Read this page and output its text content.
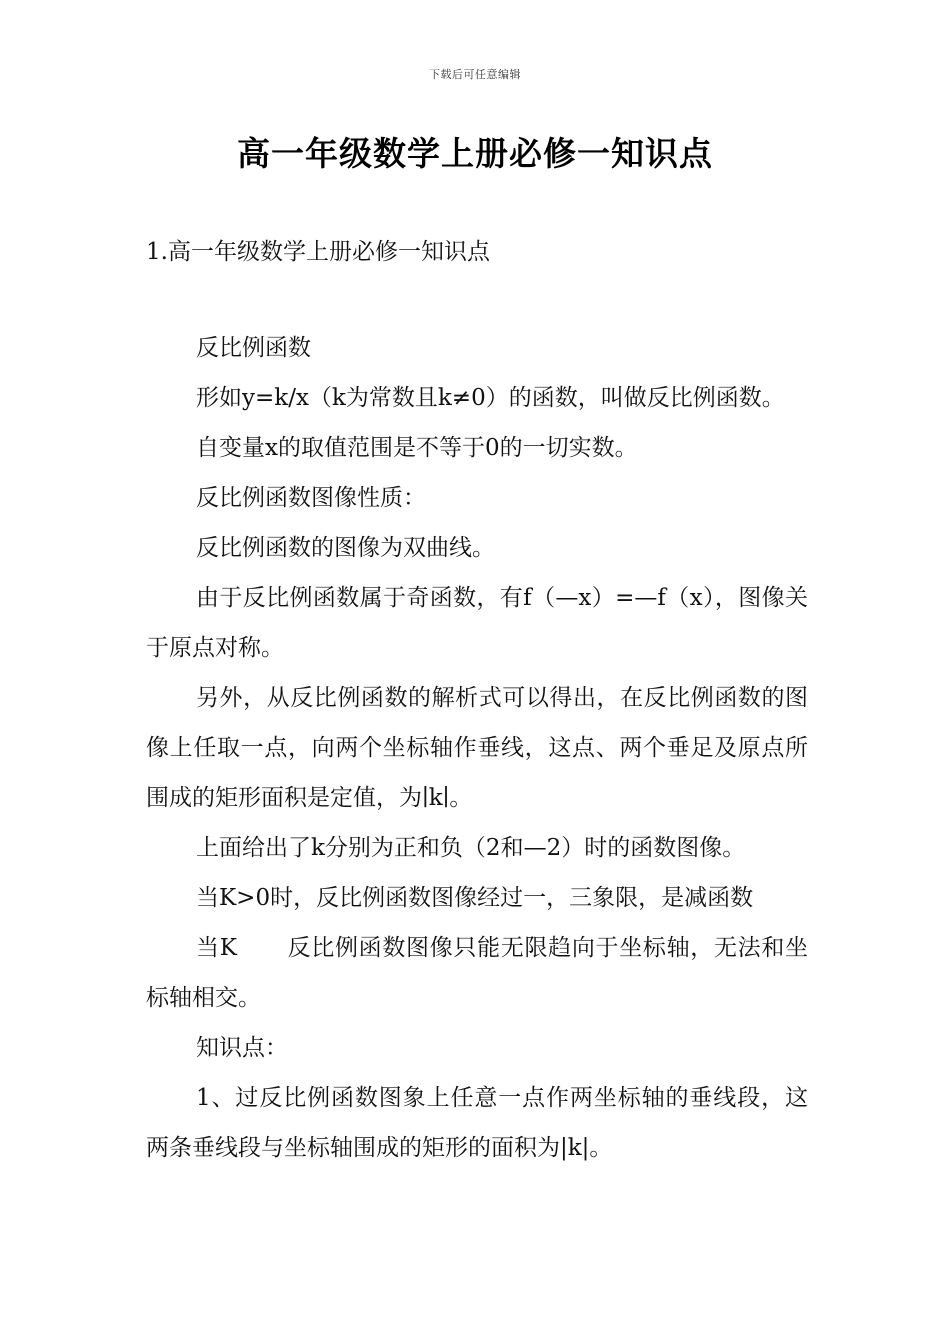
下载后可任意编辑
高一年级数学上册必修一知识点
1.高一年级数学上册必修一知识点

反比例函数

形如y=k/x（k为常数且k≠0）的函数，叫做反比例函数。

自变量x的取值范围是不等于0的一切实数。

反比例函数图像性质：

反比例函数的图像为双曲线。

由于反比例函数属于奇函数，有f（—x）=—f（x），图像关于原点对称。

另外，从反比例函数的解析式可以得出，在反比例函数的图像上任取一点，向两个坐标轴作垂线，这点、两个垂足及原点所围成的矩形面积是定值，为∣k∣。

上面给出了k分别为正和负（2和—2）时的函数图像。

当K>0时，反比例函数图像经过一，三象限，是减函数

当K 反比例函数图像只能无限趋向于坐标轴，无法和坐标轴相交。

知识点：

1、过反比例函数图象上任意一点作两坐标轴的垂线段，这两条垂线段与坐标轴围成的矩形的面积为|k|。
